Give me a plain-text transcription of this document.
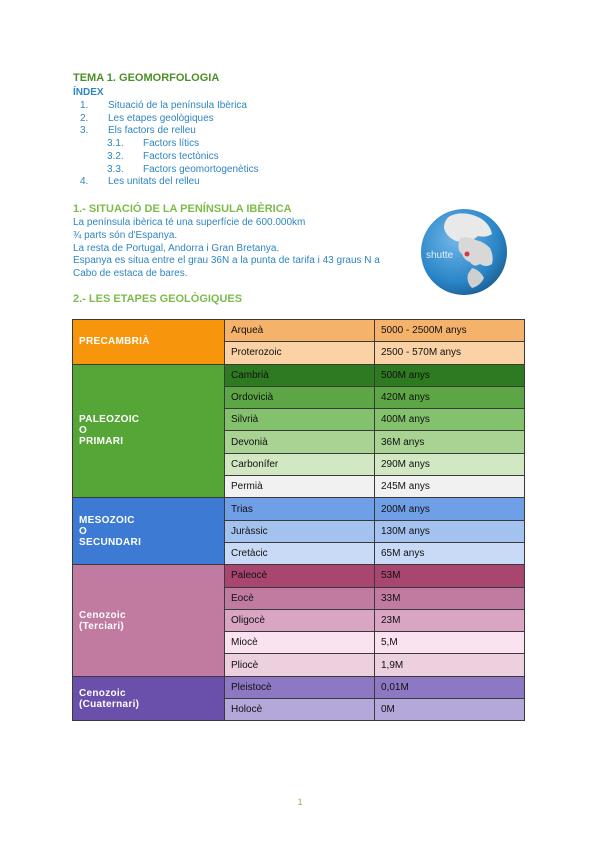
TEMA 1. GEOMORFOLOGIA
ÍNDEX
1. Situació de la península Ibèrica
2. Les etapes geològiques
3. Els factors de relleu
3.1. Factors lítics
3.2. Factors tectònics
3.3. Factors geomortogenètics
4. Les unitats del relleu
1.- SITUACIÓ DE LA PENÍNSULA IBÈRICA
La península ibèrica té una superfície de 600.000km
¾ parts són d'Espanya.
La resta de Portugal, Andorra i Gran Bretanya.
Espanya es situa entre el grau 36N a la punta de tarifa i 43 graus N a
Cabo de estaca de bares.
shutte
2.- LES ETAPES GEOLÒGIQUES
PRECAMBRIÀ	Arqueà	5000 - 2500M anys
	Proterozoic	2500 - 570M anys

PALEOZOIC
O
PRIMARI	Cambrià	500M anys
	Ordovicià	420M anys
	Silvrià	400M anys
	Devonià	36M anys
	Carbonífer	290M anys
	Permià	245M anys

MESOZOIC
O
SECUNDARI	Trias	200M anys
	Juràssic	130M anys
	Cretàcic	65M anys

Cenozoic
(Terciari)	Paleocè	53M
	Eocè	33M
	Oligocè	23M
	Miocè	5,M
	Pliocè	1,9M

Cenozoic
(Cuaternari)	Pleistocè	0,01M
	Holocè	0M
1
